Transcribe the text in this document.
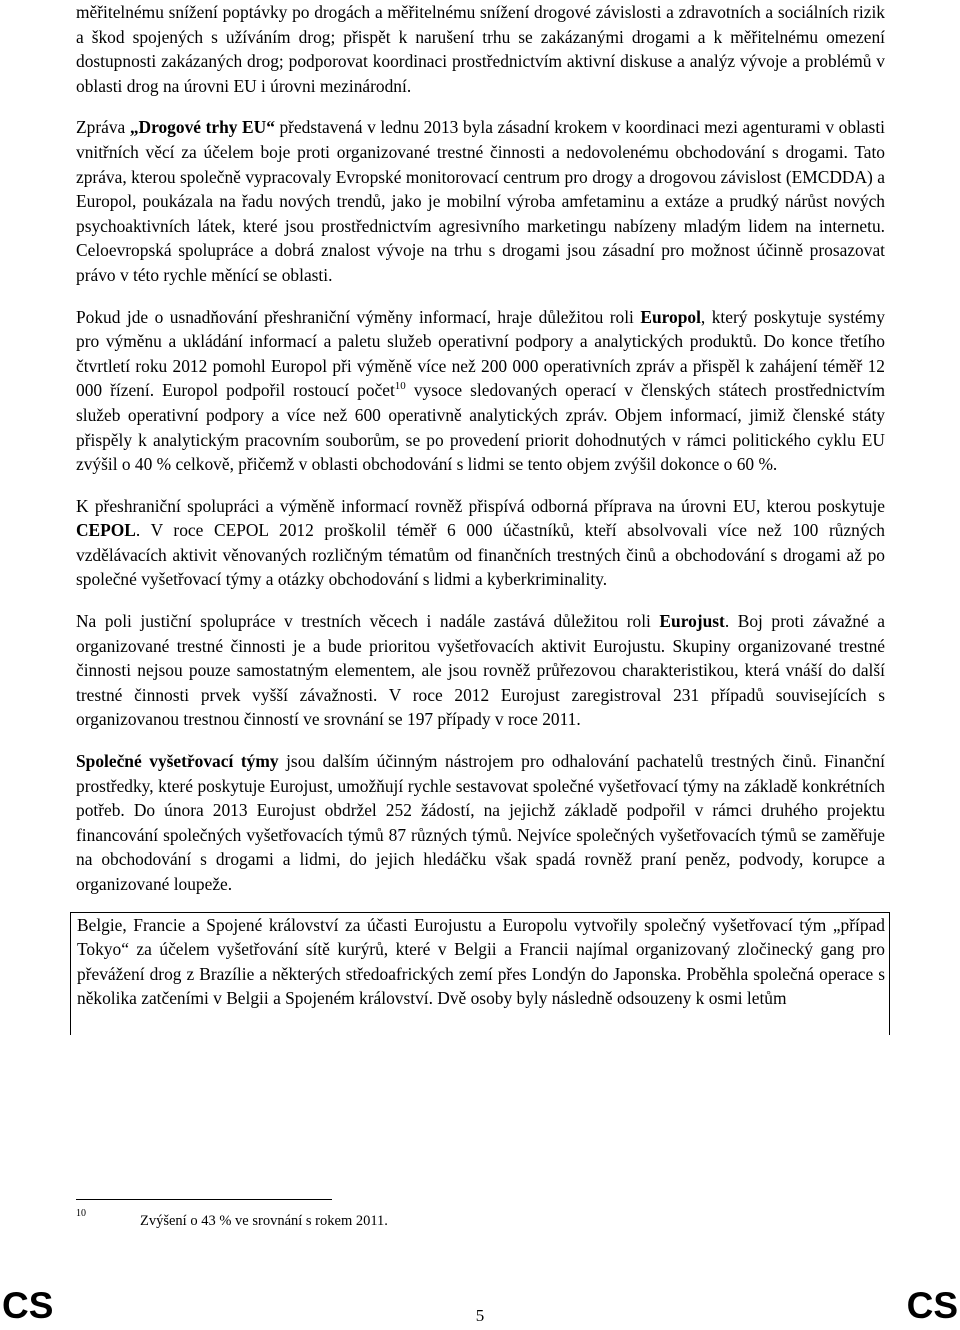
měřitelnému snížení poptávky po drogách a měřitelnému snížení drogové závislosti a zdravotních a sociálních rizik a škod spojených s užíváním drog; přispět k narušení trhu se zakázanými drogami a k měřitelnému omezení dostupnosti zakázaných drog; podporovat koordinaci prostřednictvím aktivní diskuse a analýz vývoje a problémů v oblasti drog na úrovni EU i úrovni mezinárodní.

Zpráva „Drogové trhy EU“ představená v lednu 2013 byla zásadní krokem v koordinaci mezi agenturami v oblasti vnitřních věcí za účelem boje proti organizované trestné činnosti a nedovolenému obchodování s drogami. Tato zpráva, kterou společně vypracovaly Evropské monitorovací centrum pro drogy a drogovou závislost (EMCDDA) a Europol, poukázala na řadu nových trendů, jako je mobilní výroba amfetaminu a extáze a prudký nárůst nových psychoaktivních látek, které jsou prostřednictvím agresivního marketingu nabízeny mladým lidem na internetu. Celoevropská spolupráce a dobrá znalost vývoje na trhu s drogami jsou zásadní pro možnost účinně prosazovat právo v této rychle měnící se oblasti.

Pokud jde o usnadňování přeshraniční výměny informací, hraje důležitou roli Europol, který poskytuje systémy pro výměnu a ukládání informací a paletu služeb operativní podpory a analytických produktů. Do konce třetího čtvrtletí roku 2012 pomohl Europol při výměně více než 200 000 operativních zpráv a přispěl k zahájení téměř 12 000 řízení. Europol podpořil rostoucí počet$^{10}$ vysoce sledovaných operací v členských státech prostřednictvím služeb operativní podpory a více než 600 operativně analytických zpráv. Objem informací, jimiž členské státy přispěly k analytickým pracovním souborům, se po provedení priorit dohodnutých v rámci politického cyklu EU zvýšil o 40 % celkově, přičemž v oblasti obchodování s lidmi se tento objem zvýšil dokonce o 60 %.

K přeshraniční spolupráci a výměně informací rovněž přispívá odborná příprava na úrovni EU, kterou poskytuje CEPOL. V roce CEPOL 2012 proškolil téměř 6 000 účastníků, kteří absolvovali více než 100 různých vzdělávacích aktivit věnovaných rozličným tématům od finančních trestných činů a obchodování s drogami až po společné vyšetřovací týmy a otázky obchodování s lidmi a kyberkriminality.

Na poli justiční spolupráce v trestních věcech i nadále zastává důležitou roli Eurojust. Boj proti závažné a organizované trestné činnosti je a bude prioritou vyšetřovacích aktivit Eurojustu. Skupiny organizované trestné činnosti nejsou pouze samostatným elementem, ale jsou rovněž průřezovou charakteristikou, která vnáší do další trestné činnosti prvek vyšší závažnosti. V roce 2012 Eurojust zaregistroval 231 případů souvisejících s organizovanou trestnou činností ve srovnání se 197 případy v roce 2011.

Společné vyšetřovací týmy jsou dalším účinným nástrojem pro odhalování pachatelů trestných činů. Finanční prostředky, které poskytuje Eurojust, umožňují rychle sestavovat společné vyšetřovací týmy na základě konkrétních potřeb. Do února 2013 Eurojust obdržel 252 žádostí, na jejichž základě podpořil v rámci druhého projektu financování společných vyšetřovacích týmů 87 různých týmů. Nejvíce společných vyšetřovacích týmů se zaměřuje na obchodování s drogami a lidmi, do jejich hledáčku však spadá rovněž praní peněz, podvody, korupce a organizované loupeže.

Belgie, Francie a Spojené království za účasti Eurojustu a Europolu vytvořily společný vyšetřovací tým „případ Tokyo“ za účelem vyšetřování sítě kurýrů, které v Belgii a Francii najímal organizovaný zločinecký gang pro převážení drog z Brazílie a některých středoafrických zemí přes Londýn do Japonska. Proběhla společná operace s několika zatčeními v Belgii a Spojeném království. Dvě osoby byly následně odsouzeny k osmi letům

10	Zvýšení o 43 % ve srovnání s rokem 2011.
CS	5	CS
